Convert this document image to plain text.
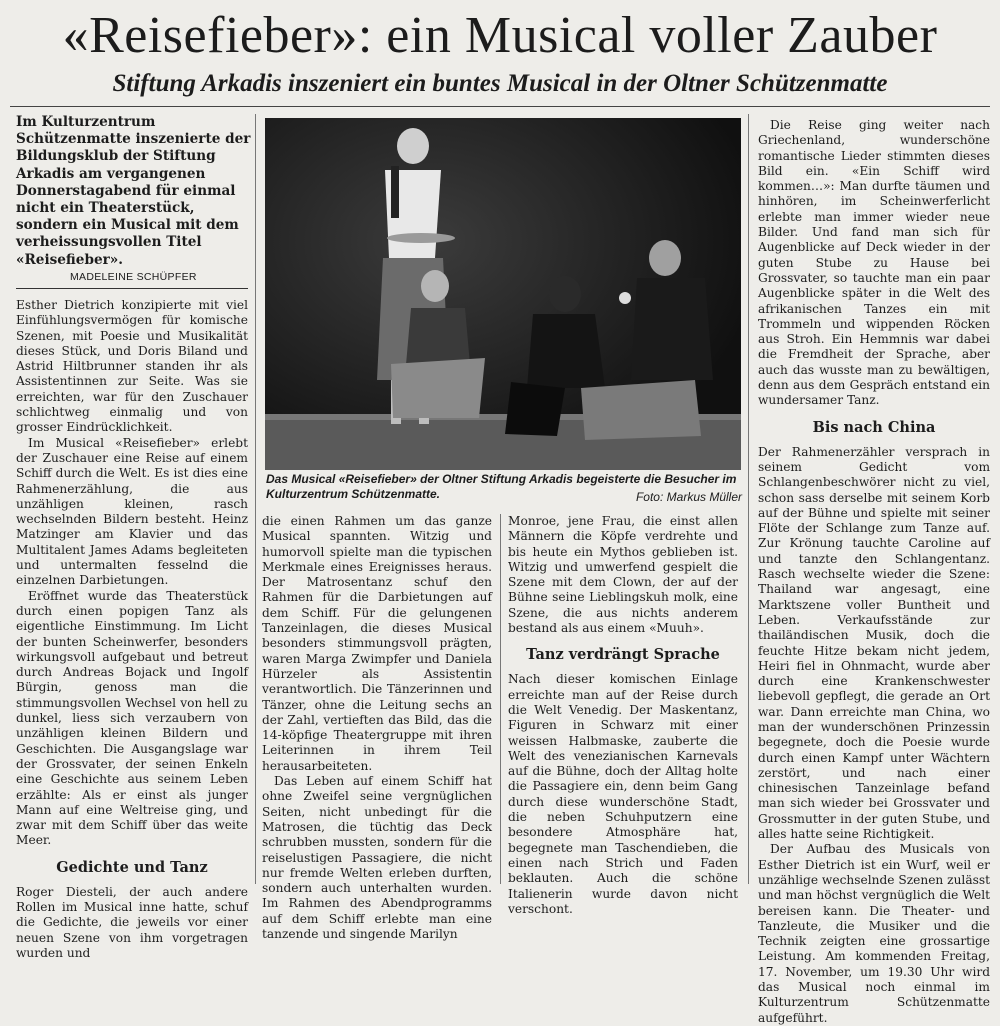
«Reisefieber»: ein Musical voller Zauber
Stiftung Arkadis inszeniert ein buntes Musical in der Oltner Schützenmatte
Im Kulturzentrum Schützenmatte inszenierte der Bildungsklub der Stiftung Arkadis am vergangenen Donnerstagabend für einmal nicht ein Theaterstück, sondern ein Musical mit dem verheissungsvollen Titel «Reisefieber».
MADELEINE SCHÜPFER
Das Musical «Reisefieber» der Oltner Stiftung Arkadis begeisterte die Besucher im Kulturzentrum Schützenmatte.	Foto: Markus Müller

Esther Dietrich konzipierte mit viel Einfühlungsvermögen für komische Szenen, mit Poesie und Musikalität dieses Stück, und Doris Biland und Astrid Hiltbrunner standen ihr als Assistentinnen zur Seite. Was sie erreichten, war für den Zuschauer schlichtweg einmalig und von grosser Eindrücklichkeit.

Im Musical «Reisefieber» erlebt der Zuschauer eine Reise auf einem Schiff durch die Welt. Es ist dies eine Rahmenerzählung, die aus unzähligen kleinen, rasch wechselnden Bildern besteht. Heinz Matzinger am Klavier und das Multitalent James Adams begleiteten und untermalten fesselnd die einzelnen Darbietungen.

Eröffnet wurde das Theaterstück durch einen popigen Tanz als eigentliche Einstimmung. Im Licht der bunten Scheinwerfer, besonders wirkungsvoll aufgebaut und betreut durch Andreas Bojack und Ingolf Bürgin, genoss man die stimmungsvollen Wechsel von hell zu dunkel, liess sich verzaubern von unzähligen kleinen Bildern und Geschichten. Die Ausgangslage war der Grossvater, der seinen Enkeln eine Geschichte aus seinem Leben erzählte: Als er einst als junger Mann auf eine Weltreise ging, und zwar mit dem Schiff über das weite Meer.

Gedichte und Tanz

Roger Diesteli, der auch andere Rollen im Musical inne hatte, schuf die Gedichte, die jeweils vor einer neuen Szene von ihm vorgetragen wurden und

die einen Rahmen um das ganze Musical spannten. Witzig und humorvoll spielte man die typischen Merkmale eines Ereignisses heraus. Der Matrosentanz schuf den Rahmen für die Darbietungen auf dem Schiff. Für die gelungenen Tanzeinlagen, die dieses Musical besonders stimmungsvoll prägten, waren Marga Zwimpfer und Daniela Hürzeler als Assistentin verantwortlich. Die Tänzerinnen und Tänzer, ohne die Leitung sechs an der Zahl, vertieften das Bild, das die 14-köpfige Theatergruppe mit ihren Leiterinnen in ihrem Teil herausarbeiteten.

Das Leben auf einem Schiff hat ohne Zweifel seine vergnüglichen Seiten, nicht unbedingt für die Matrosen, die tüchtig das Deck schrubben mussten, sondern für die reiselustigen Passagiere, die nicht nur fremde Welten erleben durften, sondern auch unterhalten wurden. Im Rahmen des Abendprogramms auf dem Schiff erlebte man eine tanzende und singende Marilyn

Monroe, jene Frau, die einst allen Männern die Köpfe verdrehte und bis heute ein Mythos geblieben ist. Witzig und umwerfend gespielt die Szene mit dem Clown, der auf der Bühne seine Lieblingskuh molk, eine Szene, die aus nichts anderem bestand als aus einem «Muuh».

Tanz verdrängt Sprache

Nach dieser komischen Einlage erreichte man auf der Reise durch die Welt Venedig. Der Maskentanz, Figuren in Schwarz mit einer weissen Halbmaske, zauberte die Welt des venezianischen Karnevals auf die Bühne, doch der Alltag holte die Passagiere ein, denn beim Gang durch diese wunderschöne Stadt, die neben Schuhputzern eine besondere Atmosphäre hat, begegnete man Taschendieben, die einen nach Strich und Faden beklauten. Auch die schöne Italienerin wurde davon nicht verschont.

Die Reise ging weiter nach Griechenland, wunderschöne romantische Lieder stimmten dieses Bild ein. «Ein Schiff wird kommen…»: Man durfte täumen und hinhören, im Scheinwerferlicht erlebte man immer wieder neue Bilder. Und fand man sich für Augenblicke auf Deck wieder in der guten Stube zu Hause bei Grossvater, so tauchte man ein paar Augenblicke später in die Welt des afrikanischen Tanzes ein mit Trommeln und wippenden Röcken aus Stroh. Ein Hemmnis war dabei die Fremdheit der Sprache, aber auch das wusste man zu bewältigen, denn aus dem Gespräch entstand ein wundersamer Tanz.

Bis nach China

Der Rahmenerzähler versprach in seinem Gedicht vom Schlangenbeschwörer nicht zu viel, schon sass derselbe mit seinem Korb auf der Bühne und spielte mit seiner Flöte der Schlange zum Tanze auf. Zur Krönung tauchte Caroline auf und tanzte den Schlangentanz. Rasch wechselte wieder die Szene: Thailand war angesagt, eine Marktszene voller Buntheit und Leben. Verkaufsstände zur thailändischen Musik, doch die feuchte Hitze bekam nicht jedem, Heiri fiel in Ohnmacht, wurde aber durch eine Krankenschwester liebevoll gepflegt, die gerade an Ort war. Dann erreichte man China, wo man der wunderschönen Prinzessin begegnete, doch die Poesie wurde durch einen Kampf unter Wächtern zerstört, und nach einer chinesischen Tanzeinlage befand man sich wieder bei Grossvater und Grossmutter in der guten Stube, und alles hatte seine Richtigkeit.

Der Aufbau des Musicals von Esther Dietrich ist ein Wurf, weil er unzählige wechselnde Szenen zulässt und man höchst vergnüglich die Welt bereisen kann. Die Theater- und Tanzleute, die Musiker und die Technik zeigten eine grossartige Leistung. Am kommenden Freitag, 17. November, um 19.30 Uhr wird das Musical noch einmal im Kulturzentrum Schützenmatte aufgeführt.
